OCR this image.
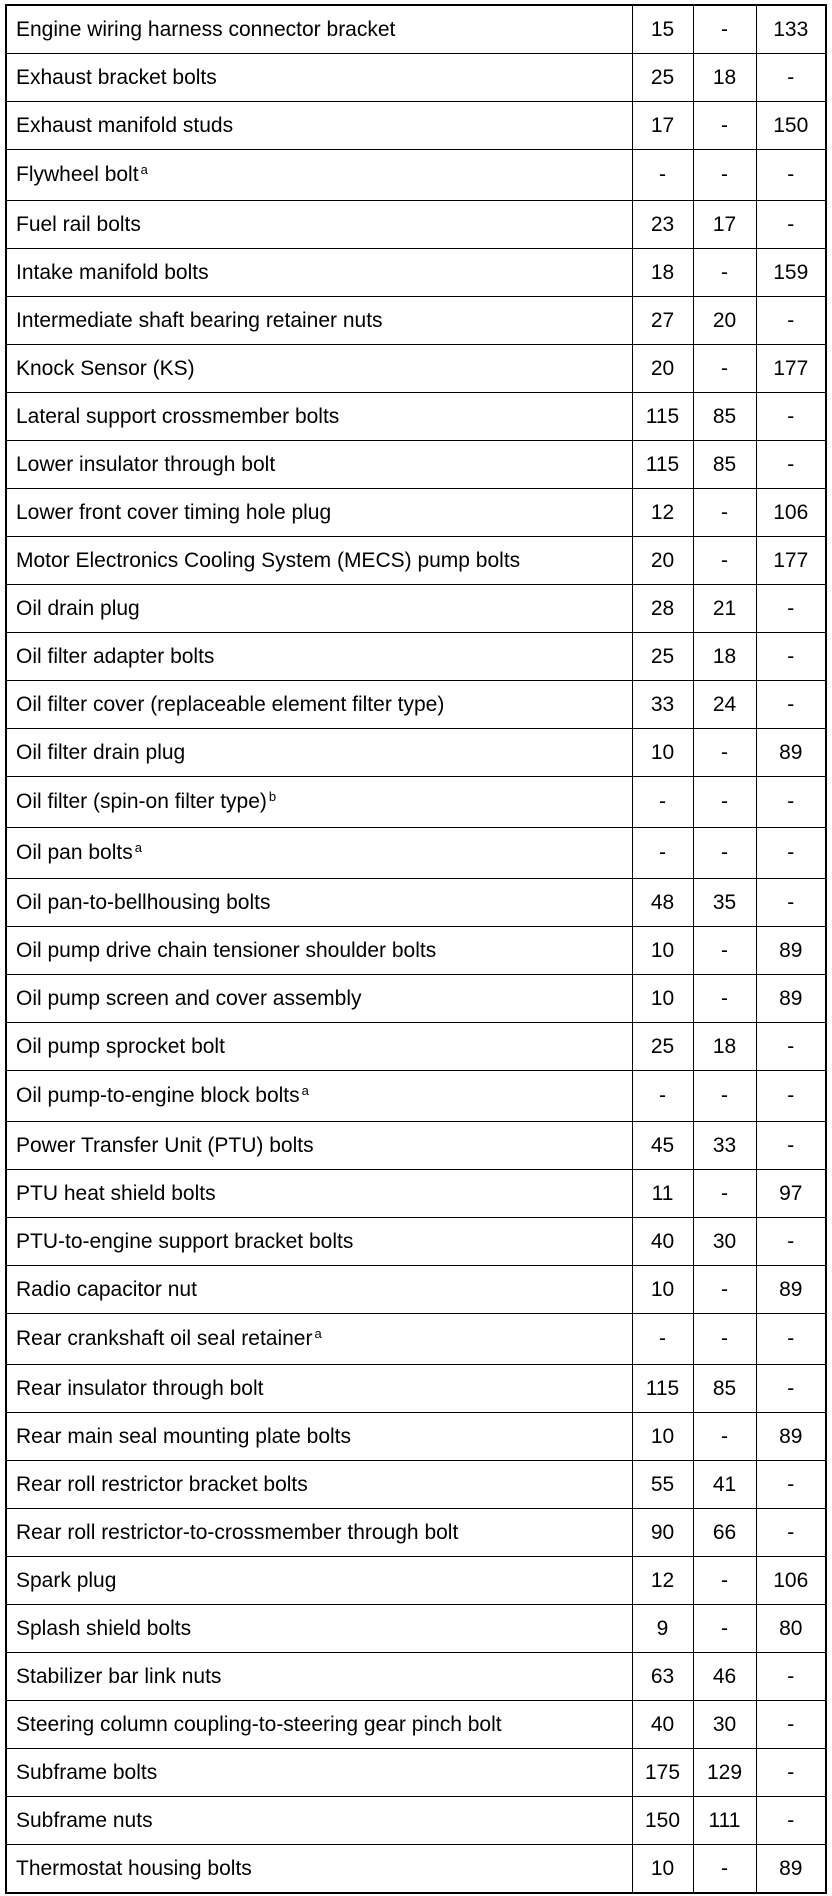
Engine wiring harness connector bracket	15	-	133
Exhaust bracket bolts	25	18	-
Exhaust manifold studs	17	-	150
Flywheel bolt $^a$	-	-	-
Fuel rail bolts	23	17	-
Intake manifold bolts	18	-	159
Intermediate shaft bearing retainer nuts	27	20	-
Knock Sensor (KS)	20	-	177
Lateral support crossmember bolts	115	85	-
Lower insulator through bolt	115	85	-
Lower front cover timing hole plug	12	-	106
Motor Electronics Cooling System (MECS) pump bolts	20	-	177
Oil drain plug	28	21	-
Oil filter adapter bolts	25	18	-
Oil filter cover (replaceable element filter type)	33	24	-
Oil filter drain plug	10	-	89
Oil filter (spin-on filter type) $^b$	-	-	-
Oil pan bolts $^a$	-	-	-
Oil pan-to-bellhousing bolts	48	35	-
Oil pump drive chain tensioner shoulder bolts	10	-	89
Oil pump screen and cover assembly	10	-	89
Oil pump sprocket bolt	25	18	-
Oil pump-to-engine block bolts $^a$	-	-	-
Power Transfer Unit (PTU) bolts	45	33	-
PTU heat shield bolts	11	-	97
PTU-to-engine support bracket bolts	40	30	-
Radio capacitor nut	10	-	89
Rear crankshaft oil seal retainer $^a$	-	-	-
Rear insulator through bolt	115	85	-
Rear main seal mounting plate bolts	10	-	89
Rear roll restrictor bracket bolts	55	41	-
Rear roll restrictor-to-crossmember through bolt	90	66	-
Spark plug	12	-	106
Splash shield bolts	9	-	80
Stabilizer bar link nuts	63	46	-
Steering column coupling-to-steering gear pinch bolt	40	30	-
Subframe bolts	175	129	-
Subframe nuts	150	111	-
Thermostat housing bolts	10	-	89
